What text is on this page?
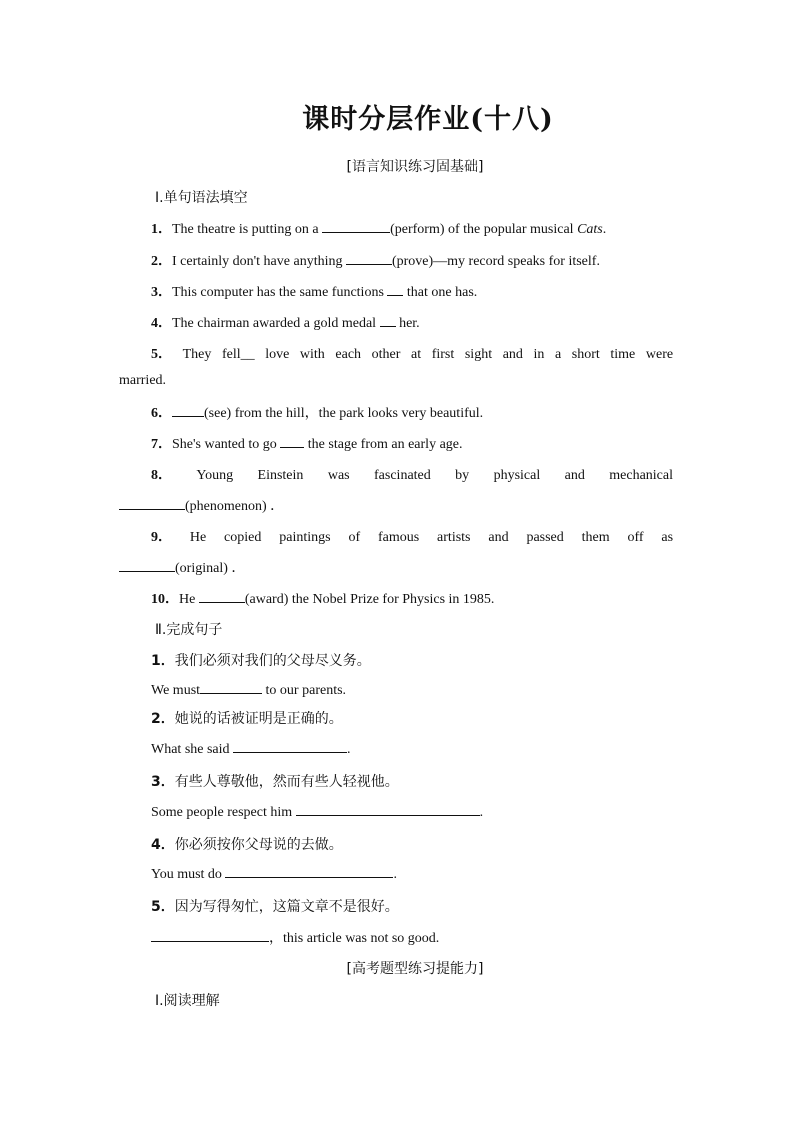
课时分层作业(十八)
[语言知识练习固基础]
Ⅰ.单句语法填空
1．The theatre is putting on a	(perform) of the popular musical Cats.
2．I certainly don't have anything	(prove)—my record speaks for itself.
3．This computer has the same functions  that one has.
4．The chairman awarded a gold medal  her.
5． They fell__ love with each other at first sight and in a short time were
married.
6． (see) from the hill，the park looks very beautiful.
7．She's wanted to go  the stage from an early age.
8． Young Einstein was fascinated by physical and mechanical
(phenomenon) ．
9． He copied paintings of famous artists and passed them off as
(original) ．
10．He	(award) the Nobel Prize for Physics in 1985.
Ⅱ.完成句子
1．我们必须对我们的父母尽义务。
We must	to our parents.
2．她说的话被证明是正确的。
What she said	.
3．有些人尊敬他，然而有些人轻视他。
Some people respect him	.
4．你必须按你父母说的去做。
You must do	.
5．因为写得匆忙，这篇文章不是很好。
，this article was not so good.
[高考题型练习提能力]
Ⅰ.阅读理解
